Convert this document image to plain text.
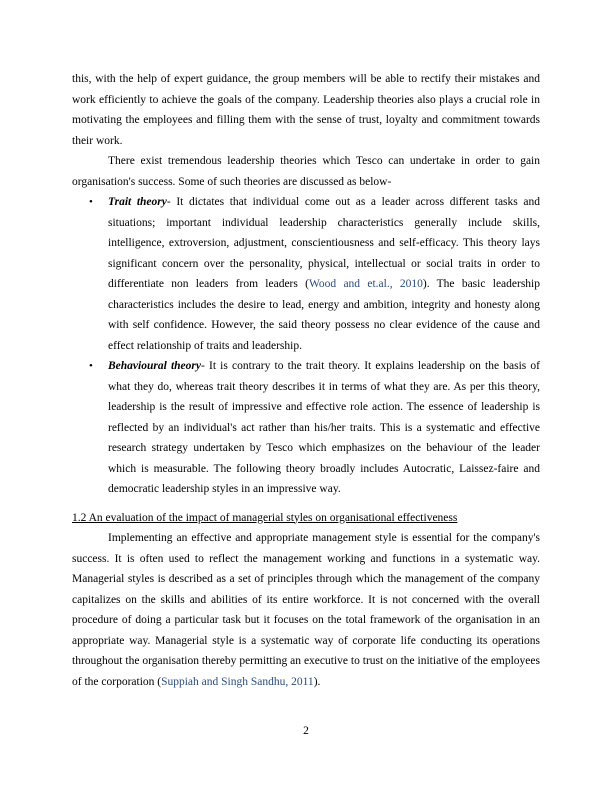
this, with the help of expert guidance, the group members will be able to rectify their mistakes and work efficiently to achieve the goals of the company. Leadership theories also plays a crucial role in motivating the employees and filling them with the sense of trust, loyalty and commitment towards their work.

There exist tremendous leadership theories which Tesco can undertake in order to gain organisation's success. Some of such theories are discussed as below-

• Trait theory- It dictates that individual come out as a leader across different tasks and situations; important individual leadership characteristics generally include skills, intelligence, extroversion, adjustment, conscientiousness and self-efficacy. This theory lays significant concern over the personality, physical, intellectual or social traits in order to differentiate non leaders from leaders (Wood and et.al., 2010). The basic leadership characteristics includes the desire to lead, energy and ambition, integrity and honesty along with self confidence. However, the said theory possess no clear evidence of the cause and effect relationship of traits and leadership.
• Behavioural theory- It is contrary to the trait theory. It explains leadership on the basis of what they do, whereas trait theory describes it in terms of what they are. As per this theory, leadership is the result of impressive and effective role action. The essence of leadership is reflected by an individual's act rather than his/her traits. This is a systematic and effective research strategy undertaken by Tesco which emphasizes on the behaviour of the leader which is measurable. The following theory broadly includes Autocratic, Laissez-faire and democratic leadership styles in an impressive way.

1.2 An evaluation of the impact of managerial styles on organisational effectiveness

Implementing an effective and appropriate management style is essential for the company's success. It is often used to reflect the management working and functions in a systematic way. Managerial styles is described as a set of principles through which the management of the company capitalizes on the skills and abilities of its entire workforce. It is not concerned with the overall procedure of doing a particular task but it focuses on the total framework of the organisation in an appropriate way. Managerial style is a systematic way of corporate life conducting its operations throughout the organisation thereby permitting an executive to trust on the initiative of the employees of the corporation (Suppiah and Singh Sandhu, 2011).

2
